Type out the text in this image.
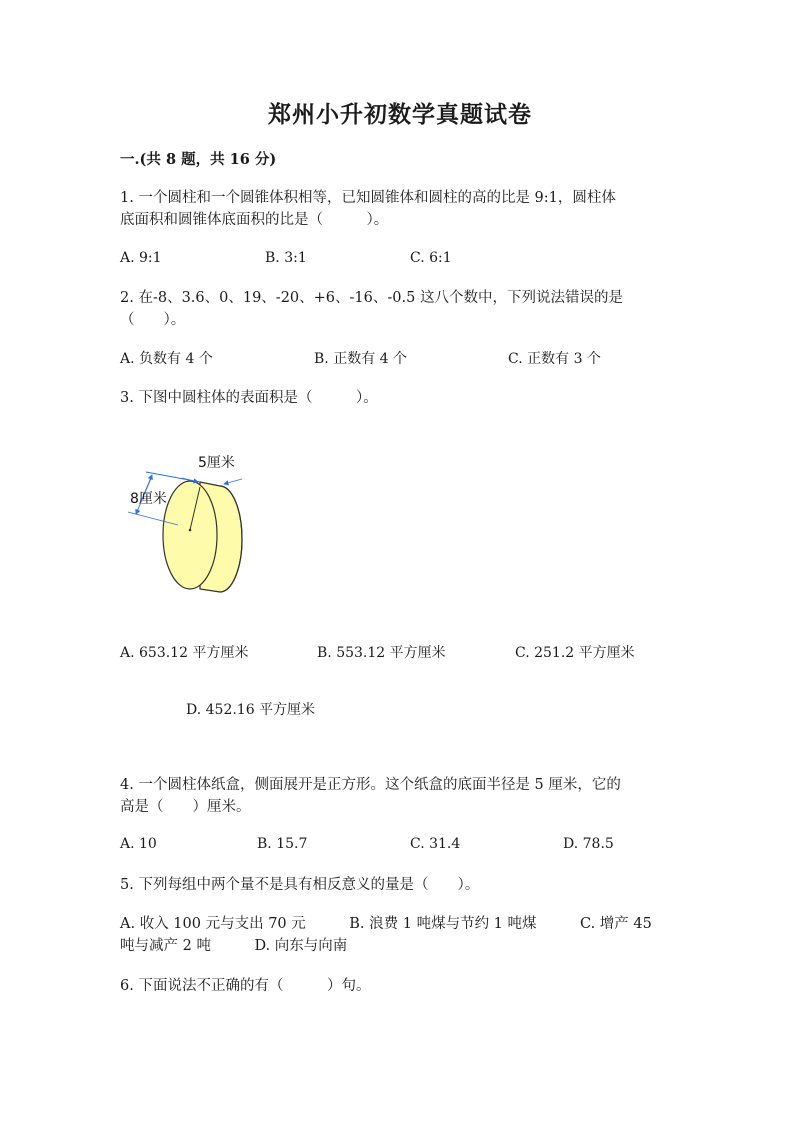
郑州小升初数学真题试卷
一.(共 8 题，共 16 分)
1. 一个圆柱和一个圆锥体积相等，已知圆锥体和圆柱的高的比是 9:1，圆柱体
底面积和圆锥体底面积的比是（　　　）。
A. 9:1	B. 3:1	C. 6:1
2. 在-8、3.6、0、19、-20、+6、-16、-0.5 这八个数中，下列说法错误的是
（　　）。
A. 负数有 4 个	B. 正数有 4 个	C. 正数有 3 个
3. 下图中圆柱体的表面积是（　　　）。
8厘米
5厘米
A. 653.12 平方厘米	B. 553.12 平方厘米	C. 251.2 平方厘米
D. 452.16 平方厘米
4. 一个圆柱体纸盒，侧面展开是正方形。这个纸盒的底面半径是 5 厘米，它的
高是（　　）厘米。
A. 10	B. 15.7	C. 31.4	D. 78.5
5. 下列每组中两个量不是具有相反意义的量是（　　）。
A. 收入 100 元与支出 70 元　　　B. 浪费 1 吨煤与节约 1 吨煤　　　C. 增产 45
吨与减产 2 吨　　　D. 向东与向南
6. 下面说法不正确的有（　　　）句。
